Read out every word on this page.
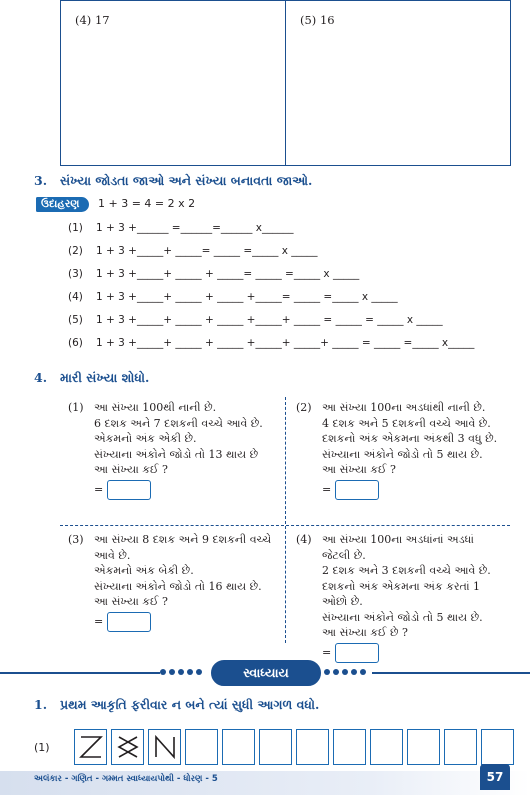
(4) 17	(5) 16
3. સંખ્યા જોડતા જાઓ અને સંખ્યા બનાવતા જાઓ.
ઉદાહરણ	1 + 3 = 4 = 2 x 2
(1) 1 + 3 +______ =______=______ x______
(2) 1 + 3 +_____+ _____= _____ =_____ x _____
(3) 1 + 3 +_____+ _____ + _____= _____ =_____ x _____
(4) 1 + 3 +_____+ _____ + _____ +_____= _____ =_____ x _____
(5) 1 + 3 +_____+ _____ + _____ +_____+ _____ = _____ = _____ x _____
(6) 1 + 3 +_____+ _____ + _____ +_____+ _____+ _____ = _____ =_____ x_____
4. મારી સંખ્યા શોધો.
(1) આ સંખ્યા 100થી નાની છે.
6 દશક અને 7 દશકની વચ્ચે આવે છે.
એકમનો અંક એકી છે.
સંખ્યાના અંકોને જોડો તો 13 થાય છે
આ સંખ્યા કઈ ?
=
(2) આ સંખ્યા 100ના અડધાંથી નાની છે.
4 દશક અને 5 દશકની વચ્ચે આવે છે.
દશકનો અંક એકમના અંકથી 3 વધુ છે.
સંખ્યાના અંકોને જોડો તો 5 થાય છે.
આ સંખ્યા કઈ ?
=
(3) આ સંખ્યા 8 દશક અને 9 દશકની વચ્ચે
આવે છે.
એકમનો અંક બેકી છે.
સંખ્યાના અંકોને જોડો તો 16 થાય છે.
આ સંખ્યા કઈ ?
=
(4) આ સંખ્યા 100ના અડધાંનાં અડધાં જેટલી છે.
2 દશક અને 3 દશકની વચ્ચે આવે છે.
દશકનો અંક એકમના અંક કરતાં 1 ઓછો છે.
સંખ્યાના અંકોને જોડો તો 5 થાય છે.
આ સંખ્યા કઈ છે ?
=
સ્વાધ્યાય
1. પ્રથમ આકૃતિ ફરીવાર ન બને ત્યાં સુધી આગળ વધો.
(1)
અલંકાર - ગણિત - ગમ્મત સ્વાધ્યાયપોથી - ધોરણ - 5	57
